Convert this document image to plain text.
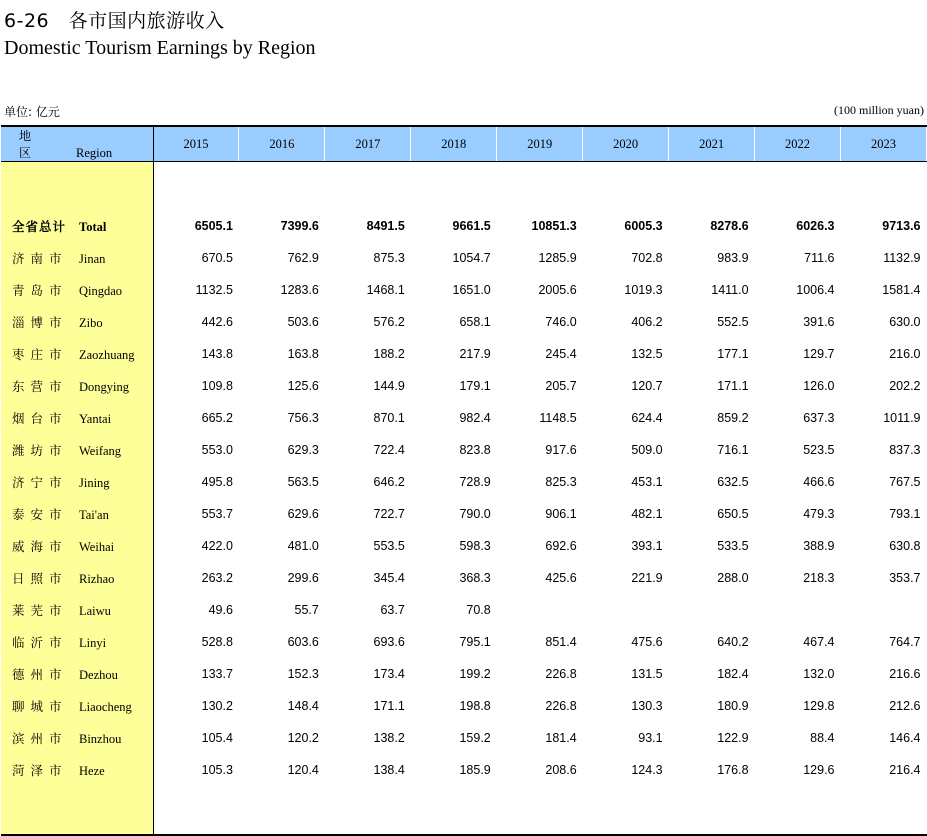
6-26　各市国内旅游收入
Domestic Tourism Earnings by Region
单位: 亿元	(100 million yuan)
地区 Region	2015	2016	2017	2018	2019	2020	2021	2022	2023

全省总计 Total	6505.1	7399.6	8491.5	9661.5	10851.3	6005.3	8278.6	6026.3	9713.6
济南市 Jinan	670.5	762.9	875.3	1054.7	1285.9	702.8	983.9	711.6	1132.9
青岛市 Qingdao	1132.5	1283.6	1468.1	1651.0	2005.6	1019.3	1411.0	1006.4	1581.4
淄博市 Zibo	442.6	503.6	576.2	658.1	746.0	406.2	552.5	391.6	630.0
枣庄市 Zaozhuang	143.8	163.8	188.2	217.9	245.4	132.5	177.1	129.7	216.0
东营市 Dongying	109.8	125.6	144.9	179.1	205.7	120.7	171.1	126.0	202.2
烟台市 Yantai	665.2	756.3	870.1	982.4	1148.5	624.4	859.2	637.3	1011.9
潍坊市 Weifang	553.0	629.3	722.4	823.8	917.6	509.0	716.1	523.5	837.3
济宁市 Jining	495.8	563.5	646.2	728.9	825.3	453.1	632.5	466.6	767.5
泰安市 Tai'an	553.7	629.6	722.7	790.0	906.1	482.1	650.5	479.3	793.1
威海市 Weihai	422.0	481.0	553.5	598.3	692.6	393.1	533.5	388.9	630.8
日照市 Rizhao	263.2	299.6	345.4	368.3	425.6	221.9	288.0	218.3	353.7
莱芜市 Laiwu	49.6	55.7	63.7	70.8					
临沂市 Linyi	528.8	603.6	693.6	795.1	851.4	475.6	640.2	467.4	764.7
德州市 Dezhou	133.7	152.3	173.4	199.2	226.8	131.5	182.4	132.0	216.6
聊城市 Liaocheng	130.2	148.4	171.1	198.8	226.8	130.3	180.9	129.8	212.6
滨州市 Binzhou	105.4	120.2	138.2	159.2	181.4	93.1	122.9	88.4	146.4
菏泽市 Heze	105.3	120.4	138.4	185.9	208.6	124.3	176.8	129.6	216.4
